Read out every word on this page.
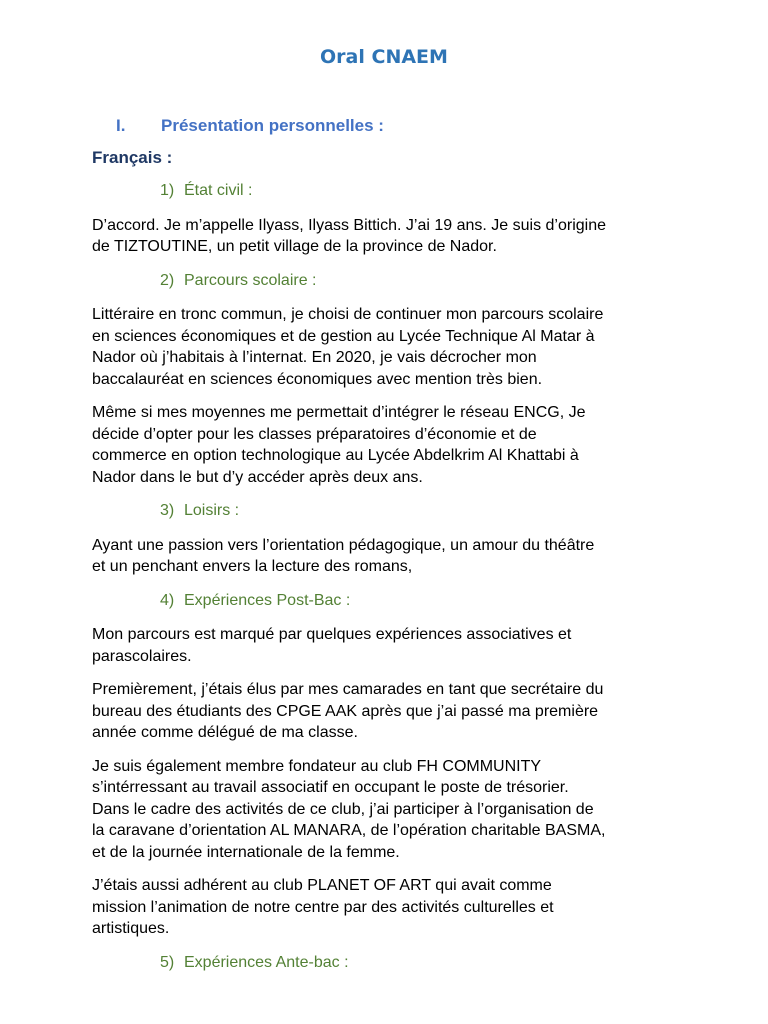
Oral CNAEM
I. Présentation personnelles :
Français :

1) État civil :

D’accord. Je m’appelle Ilyass, Ilyass Bittich. J’ai 19 ans. Je suis d’origine
de TIZTOUTINE, un petit village de la province de Nador.

2) Parcours scolaire :

Littéraire en tronc commun, je choisi de continuer mon parcours scolaire
en sciences économiques et de gestion au Lycée Technique Al Matar à
Nador où j’habitais à l’internat. En 2020, je vais décrocher mon
baccalauréat en sciences économiques avec mention très bien.

Même si mes moyennes me permettait d’intégrer le réseau ENCG, Je
décide d’opter pour les classes préparatoires d’économie et de
commerce en option technologique au Lycée Abdelkrim Al Khattabi à
Nador dans le but d’y accéder après deux ans.

3) Loisirs :

Ayant une passion vers l’orientation pédagogique, un amour du théâtre
et un penchant envers la lecture des romans,

4) Expériences Post-Bac :

Mon parcours est marqué par quelques expériences associatives et
parascolaires.

Premièrement, j’étais élus par mes camarades en tant que secrétaire du
bureau des étudiants des CPGE AAK après que j’ai passé ma première
année comme délégué de ma classe.

Je suis également membre fondateur au club FH COMMUNITY
s’intérressant au travail associatif en occupant le poste de trésorier.
Dans le cadre des activités de ce club, j’ai participer à l’organisation de
la caravane d’orientation AL MANARA, de l’opération charitable BASMA,
et de la journée internationale de la femme.

J’étais aussi adhérent au club PLANET OF ART qui avait comme
mission l’animation de notre centre par des activités culturelles et
artistiques.

5) Expériences Ante-bac :
